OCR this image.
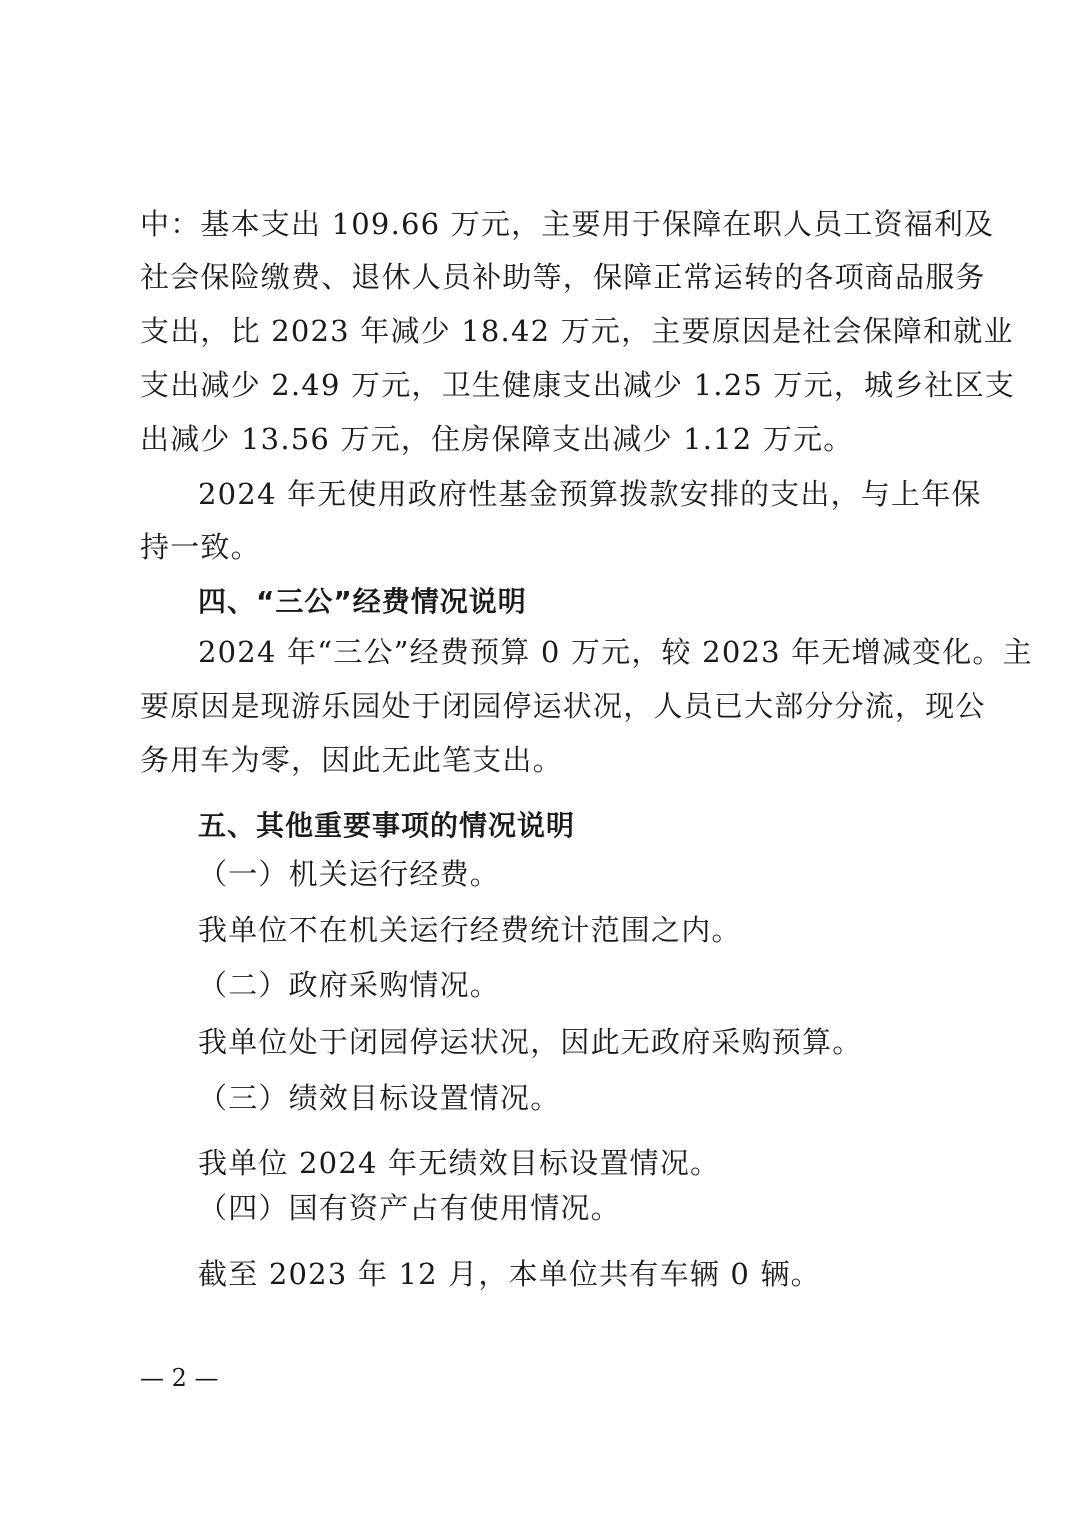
中：基本支出 109.66 万元，主要用于保障在职人员工资福利及
社会保险缴费、退休人员补助等，保障正常运转的各项商品服务
支出，比 2023 年减少 18.42 万元，主要原因是社会保障和就业
支出减少 2.49 万元，卫生健康支出减少 1.25 万元，城乡社区支
出减少 13.56 万元，住房保障支出减少 1.12 万元。
2024 年无使用政府性基金预算拨款安排的支出，与上年保
持一致。
四、“三公”经费情况说明
2024 年“三公”经费预算 0 万元，较 2023 年无增减变化。主
要原因是现游乐园处于闭园停运状况，人员已大部分分流，现公
务用车为零，因此无此笔支出。
五、其他重要事项的情况说明
（一）机关运行经费。
我单位不在机关运行经费统计范围之内。
（二）政府采购情况。
我单位处于闭园停运状况，因此无政府采购预算。
（三）绩效目标设置情况。
我单位 2024 年无绩效目标设置情况。
（四）国有资产占有使用情况。
截至 2023 年 12 月，本单位共有车辆 0 辆。
— 2 —
